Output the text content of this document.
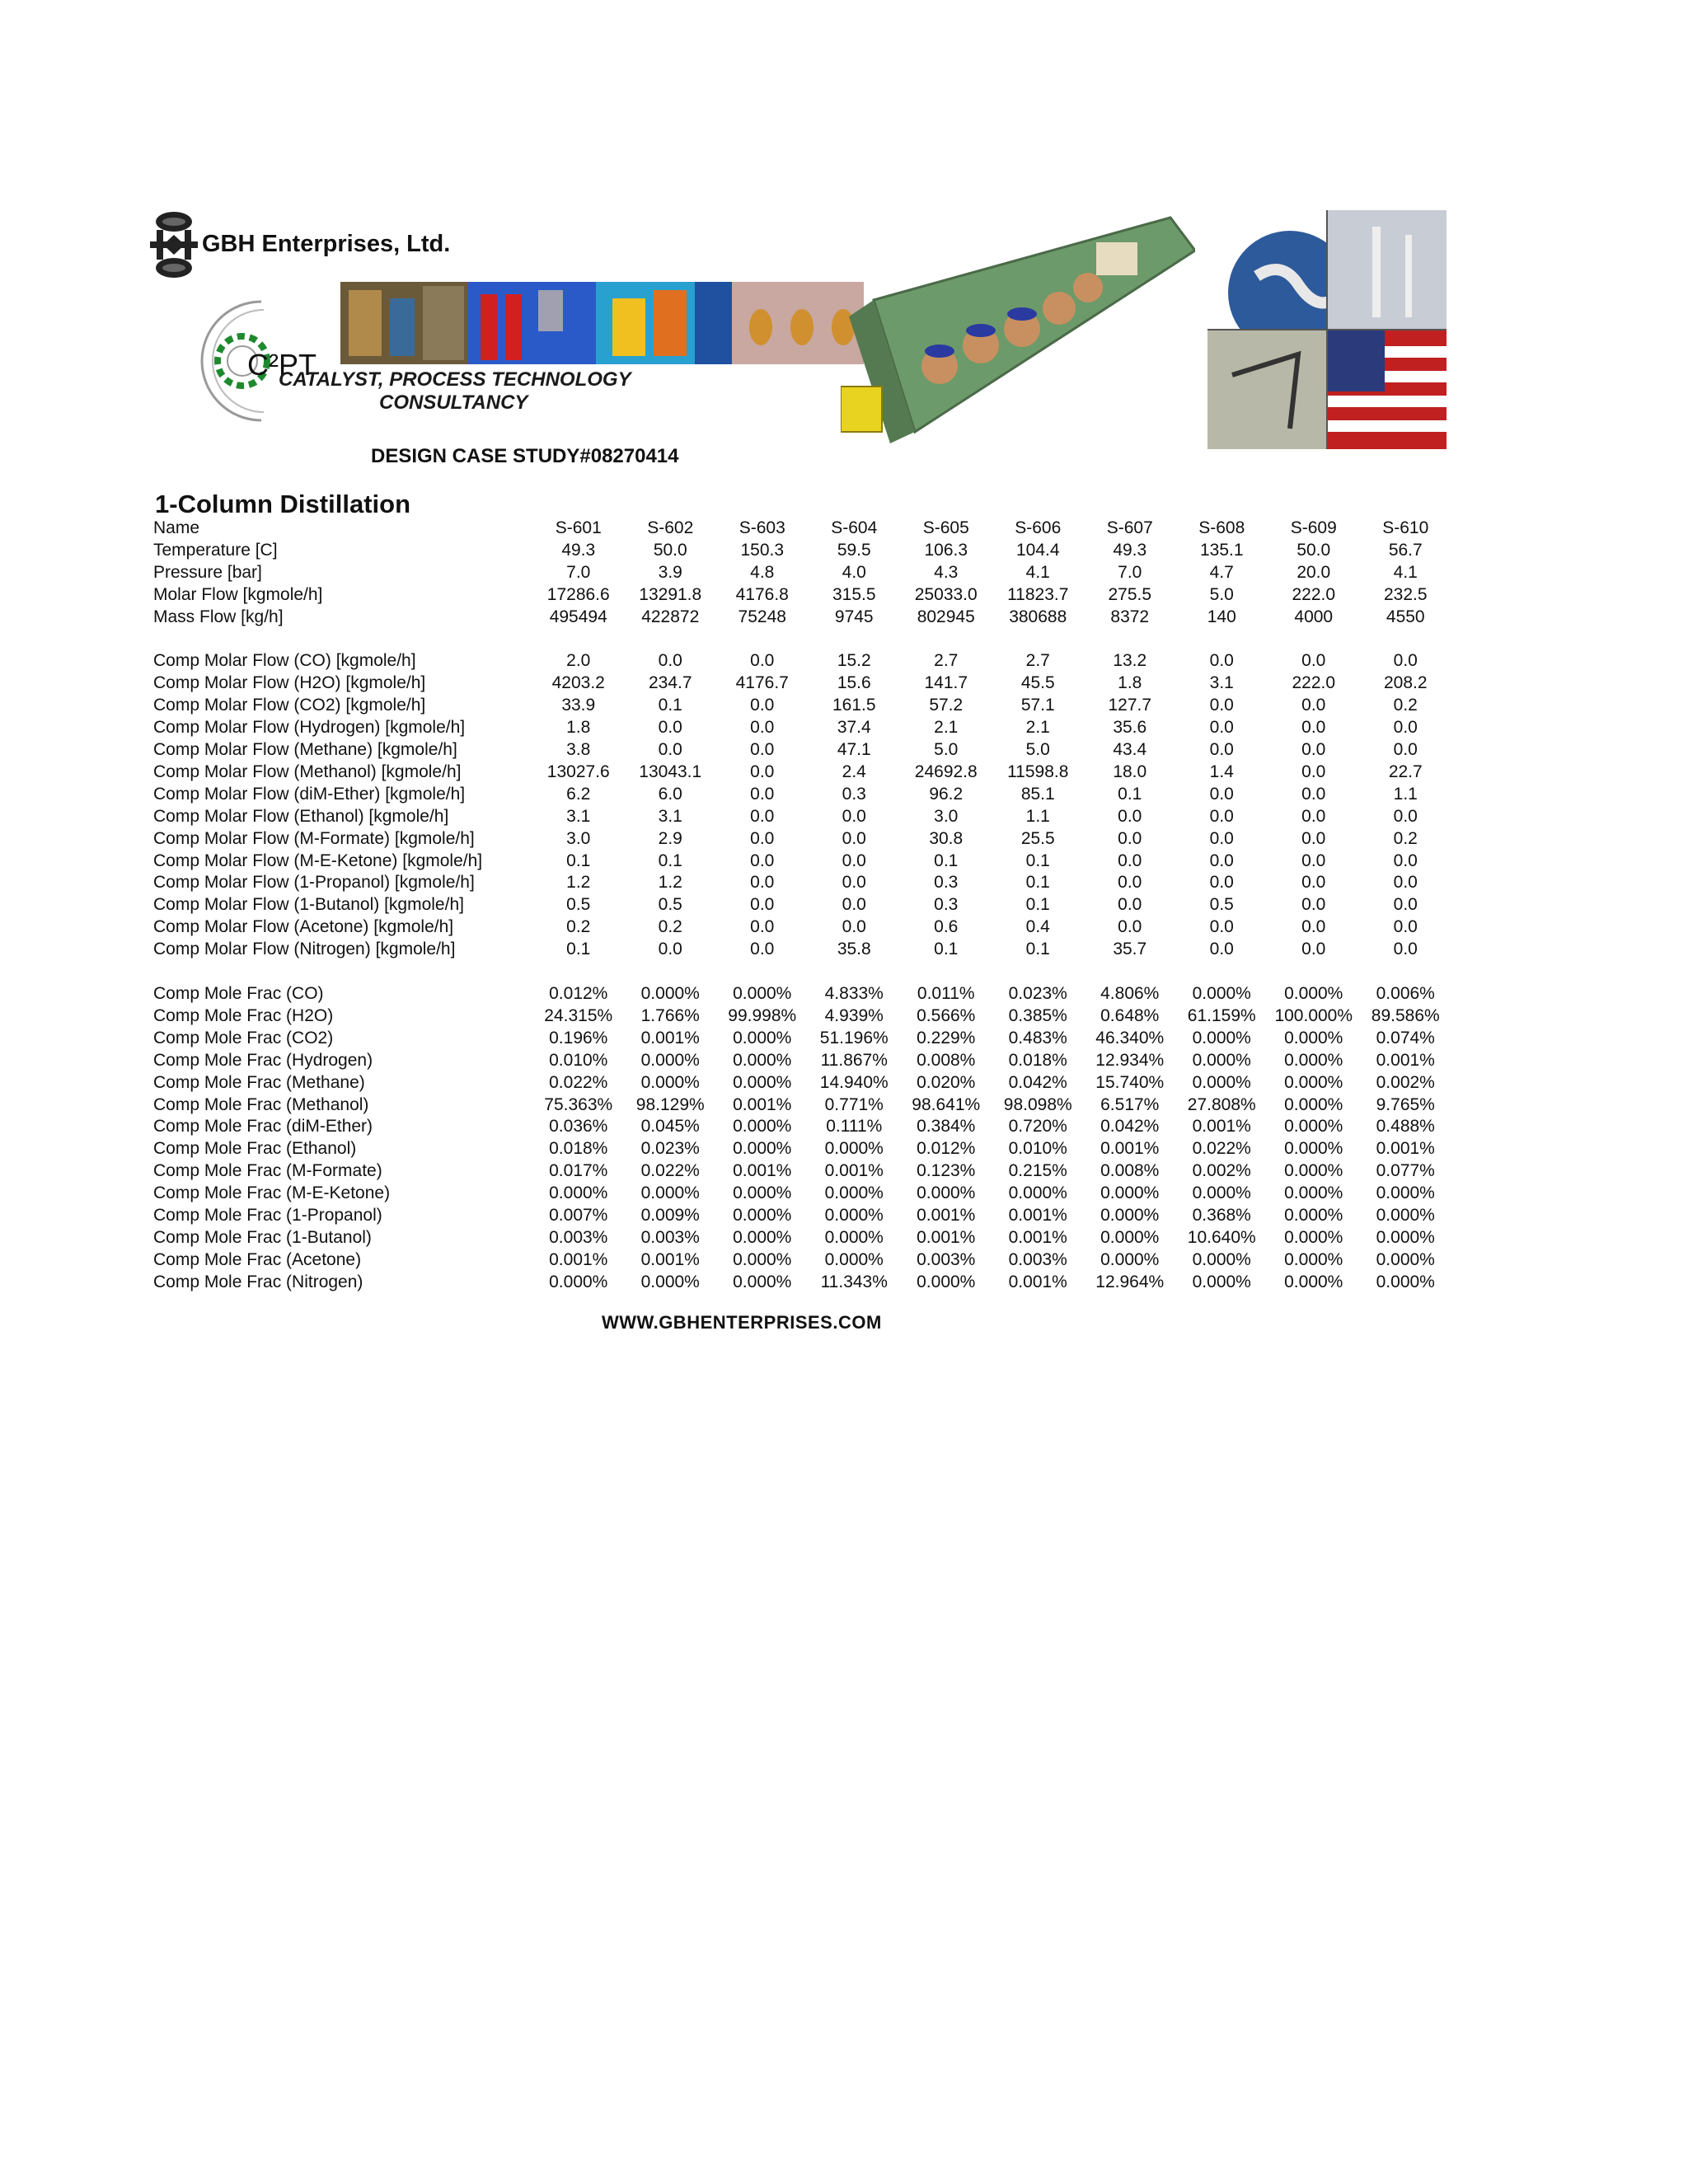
GBH Enterprises, Ltd.
C²PT
CATALYST, PROCESS TECHNOLOGY
CONSULTANCY
DESIGN CASE STUDY#08270414
1-Column Distillation
Name	S-601	S-602	S-603	S-604	S-605	S-606	S-607	S-608	S-609	S-610
Temperature [C]	49.3	50.0	150.3	59.5	106.3	104.4	49.3	135.1	50.0	56.7
Pressure [bar]	7.0	3.9	4.8	4.0	4.3	4.1	7.0	4.7	20.0	4.1
Molar Flow [kgmole/h]	17286.6	13291.8	4176.8	315.5	25033.0	11823.7	275.5	5.0	222.0	232.5
Mass Flow [kg/h]	495494	422872	75248	9745	802945	380688	8372	140	4000	4550

Comp Molar Flow (CO) [kgmole/h]	2.0	0.0	0.0	15.2	2.7	2.7	13.2	0.0	0.0	0.0
Comp Molar Flow (H2O) [kgmole/h]	4203.2	234.7	4176.7	15.6	141.7	45.5	1.8	3.1	222.0	208.2
Comp Molar Flow (CO2) [kgmole/h]	33.9	0.1	0.0	161.5	57.2	57.1	127.7	0.0	0.0	0.2
Comp Molar Flow (Hydrogen) [kgmole/h]	1.8	0.0	0.0	37.4	2.1	2.1	35.6	0.0	0.0	0.0
Comp Molar Flow (Methane) [kgmole/h]	3.8	0.0	0.0	47.1	5.0	5.0	43.4	0.0	0.0	0.0
Comp Molar Flow (Methanol) [kgmole/h]	13027.6	13043.1	0.0	2.4	24692.8	11598.8	18.0	1.4	0.0	22.7
Comp Molar Flow (diM-Ether) [kgmole/h]	6.2	6.0	0.0	0.3	96.2	85.1	0.1	0.0	0.0	1.1
Comp Molar Flow (Ethanol) [kgmole/h]	3.1	3.1	0.0	0.0	3.0	1.1	0.0	0.0	0.0	0.0
Comp Molar Flow (M-Formate) [kgmole/h]	3.0	2.9	0.0	0.0	30.8	25.5	0.0	0.0	0.0	0.2
Comp Molar Flow (M-E-Ketone) [kgmole/h]	0.1	0.1	0.0	0.0	0.1	0.1	0.0	0.0	0.0	0.0
Comp Molar Flow (1-Propanol) [kgmole/h]	1.2	1.2	0.0	0.0	0.3	0.1	0.0	0.0	0.0	0.0
Comp Molar Flow (1-Butanol) [kgmole/h]	0.5	0.5	0.0	0.0	0.3	0.1	0.0	0.5	0.0	0.0
Comp Molar Flow (Acetone) [kgmole/h]	0.2	0.2	0.0	0.0	0.6	0.4	0.0	0.0	0.0	0.0
Comp Molar Flow (Nitrogen) [kgmole/h]	0.1	0.0	0.0	35.8	0.1	0.1	35.7	0.0	0.0	0.0

Comp Mole Frac (CO)	0.012%	0.000%	0.000%	4.833%	0.011%	0.023%	4.806%	0.000%	0.000%	0.006%
Comp Mole Frac (H2O)	24.315%	1.766%	99.998%	4.939%	0.566%	0.385%	0.648%	61.159%	100.000%	89.586%
Comp Mole Frac (CO2)	0.196%	0.001%	0.000%	51.196%	0.229%	0.483%	46.340%	0.000%	0.000%	0.074%
Comp Mole Frac (Hydrogen)	0.010%	0.000%	0.000%	11.867%	0.008%	0.018%	12.934%	0.000%	0.000%	0.001%
Comp Mole Frac (Methane)	0.022%	0.000%	0.000%	14.940%	0.020%	0.042%	15.740%	0.000%	0.000%	0.002%
Comp Mole Frac (Methanol)	75.363%	98.129%	0.001%	0.771%	98.641%	98.098%	6.517%	27.808%	0.000%	9.765%
Comp Mole Frac (diM-Ether)	0.036%	0.045%	0.000%	0.111%	0.384%	0.720%	0.042%	0.001%	0.000%	0.488%
Comp Mole Frac (Ethanol)	0.018%	0.023%	0.000%	0.000%	0.012%	0.010%	0.001%	0.022%	0.000%	0.001%
Comp Mole Frac (M-Formate)	0.017%	0.022%	0.001%	0.001%	0.123%	0.215%	0.008%	0.002%	0.000%	0.077%
Comp Mole Frac (M-E-Ketone)	0.000%	0.000%	0.000%	0.000%	0.000%	0.000%	0.000%	0.000%	0.000%	0.000%
Comp Mole Frac (1-Propanol)	0.007%	0.009%	0.000%	0.000%	0.001%	0.001%	0.000%	0.368%	0.000%	0.000%
Comp Mole Frac (1-Butanol)	0.003%	0.003%	0.000%	0.000%	0.001%	0.001%	0.000%	10.640%	0.000%	0.000%
Comp Mole Frac (Acetone)	0.001%	0.001%	0.000%	0.000%	0.003%	0.003%	0.000%	0.000%	0.000%	0.000%
Comp Mole Frac (Nitrogen)	0.000%	0.000%	0.000%	11.343%	0.000%	0.001%	12.964%	0.000%	0.000%	0.000%
WWW.GBHENTERPRISES.COM
